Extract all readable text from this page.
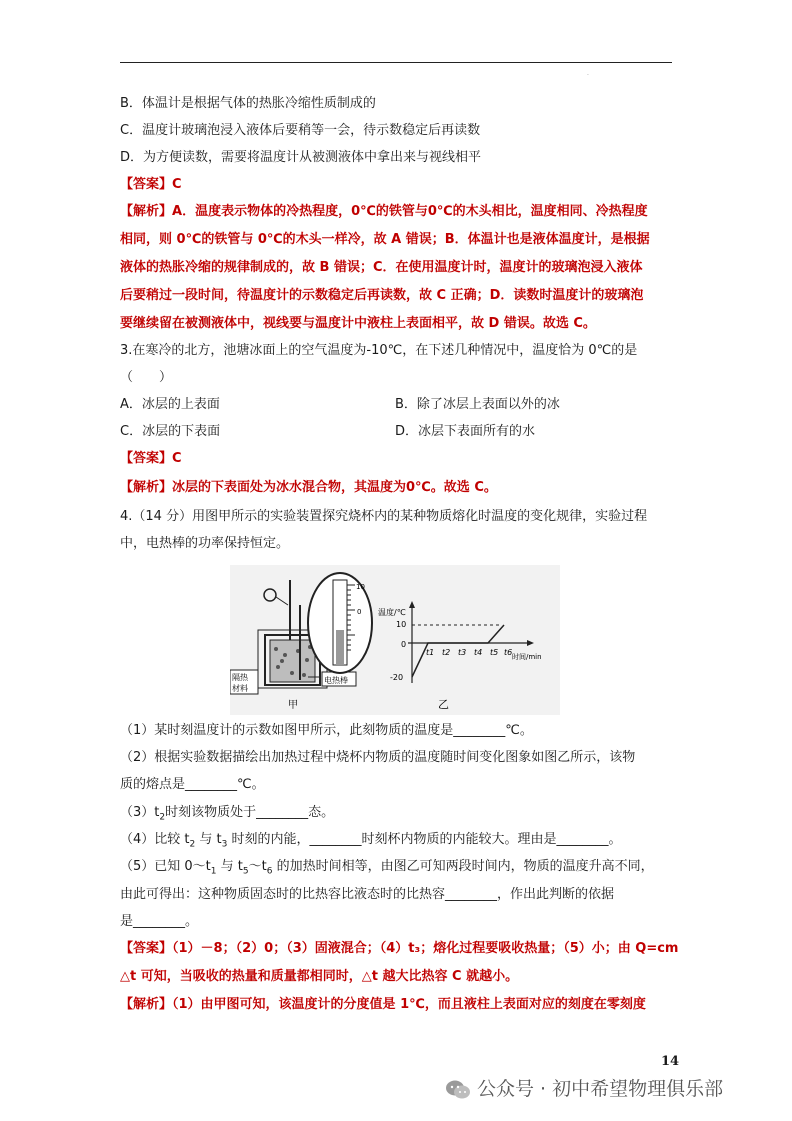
·
B．体温计是根据气体的热胀冷缩性质制成的
C．温度计玻璃泡浸入液体后要稍等一会，待示数稳定后再读数
D．为方便读数，需要将温度计从被测液体中拿出来与视线相平
【答案】C
【解析】A．温度表示物体的冷热程度，0℃的铁管与0℃的木头相比，温度相同、冷热程度
相同，则 0℃的铁管与 0℃的木头一样冷，故 A 错误；B．体温计也是液体温度计，是根据
液体的热胀冷缩的规律制成的，故 B 错误；C．在使用温度计时，温度计的玻璃泡浸入液体
后要稍过一段时间，待温度计的示数稳定后再读数，故 C 正确；D．读数时温度计的玻璃泡
要继续留在被测液体中，视线要与温度计中液柱上表面相平，故 D 错误。故选 C。
3.在寒冷的北方，池塘冰面上的空气温度为-10℃，在下述几种情况中，温度恰为 0℃的是
（　　）
A．冰层的上表面	B．除了冰层上表面以外的冰
C．冰层的下表面	D．冰层下表面所有的水
【答案】C
【解析】冰层的下表面处为冰水混合物，其温度为0℃。故选 C。
4.（14 分）用图甲所示的实验装置探究烧杯内的某种物质熔化时温度的变化规律，实验过程
中，电热棒的功率保持恒定。
隔热
材料
电热棒
甲
10
0 温度/℃
时间/min
10
0
-20
t1 t2 t3 t4 t5 t6
乙
（1）某时刻温度计的示数如图甲所示，此刻物质的温度是________℃。
（2）根据实验数据描绘出加热过程中烧杯内物质的温度随时间变化图象如图乙所示，该物
质的熔点是________℃。
$(3)t_2$时刻该物质处于________态。
（4）比较 $t_2$ 与 $t_3$ 时刻的内能，________时刻杯内物质的内能较大。理由是________。
（5）已知 $0\sim t_1$ 与 $t_5\sim t_6$ 的加热时间相等，由图乙可知两段时间内，物质的温度升高不同，
由此可得出：这种物质固态时的比热容比液态时的比热容________，作出此判断的依据
是________。
【答案】（1）－8；（2）0；（3）固液混合；（4）t₃；熔化过程要吸收热量；（5）小；由 Q=cm
△t 可知，当吸收的热量和质量都相同时，△t 越大比热容 C 就越小。
【解析】（1）由甲图可知，该温度计的分度值是 1℃，而且液柱上表面对应的刻度在零刻度
14
公众号 · 初中希望物理俱乐部
